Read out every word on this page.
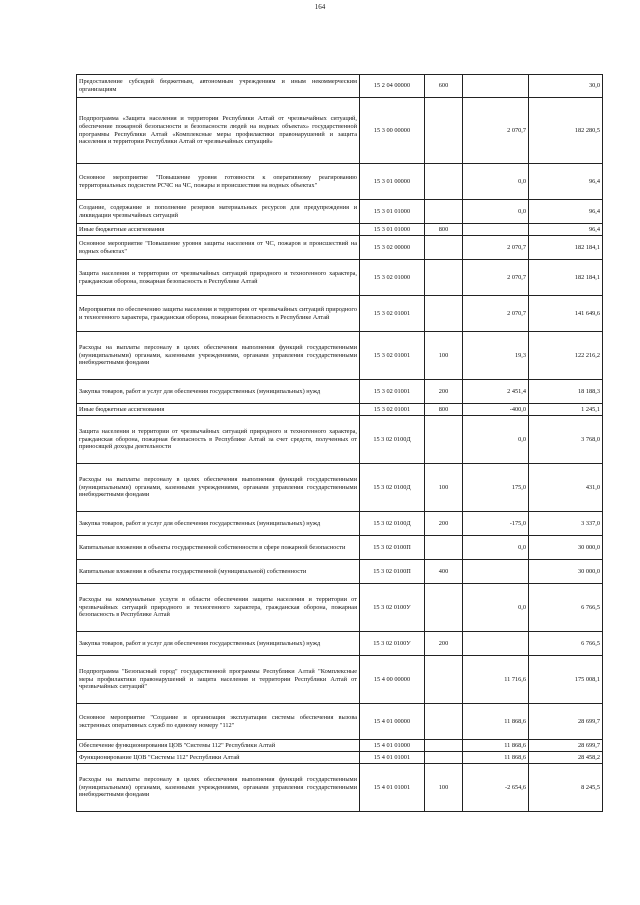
164
Предоставление субсидий бюджетным, автономным учреждениям и иным некоммерческим организациям	15 2 04 00000	600		30,0
Подпрограмма «Защита населения и территории Республики Алтай от чрезвычайных ситуаций, обеспечение пожарной безопасности и безопасности людей на водных объектах» государственной программы Республики Алтай «Комплексные меры профилактики правонарушений и защита населения и территории Республики Алтай от чрезвычайных ситуаций»	15 3 00 00000		2 070,7	182 280,5
Основное мероприятие "Повышение уровня готовности к оперативному реагированию территориальных подсистем РСЧС на ЧС, пожары и происшествия на водных объектах"	15 3 01 00000		0,0	96,4
Создание, содержание и пополнение резервов материальных ресурсов для предупреждения и ликвидации чрезвычайных ситуаций	15 3 01 01000		0,0	96,4
Иные бюджетные ассигнования	15 3 01 01000	800		96,4
Основное мероприятие "Повышение уровня защиты населения от ЧС, пожаров и происшествий на водных объектах"	15 3 02 00000		2 070,7	182 184,1
Защита населения и территории от чрезвычайных ситуаций природного и техногенного характера, гражданская оборона, пожарная безопасность в Республике Алтай	15 3 02 01000		2 070,7	182 184,1
Мероприятия по обеспечению защиты населения и территории от чрезвычайных ситуаций природного и техногенного характера, гражданская оборона, пожарная безопасность в Республике Алтай	15 3 02 01001		2 070,7	141 649,6
Расходы на выплаты персоналу в целях обеспечения выполнения функций государственными (муниципальными) органами, казенными учреждениями, органами управления государственными внебюджетными фондами	15 3 02 01001	100	19,3	122 216,2
Закупка товаров, работ и услуг для обеспечения государственных (муниципальных) нужд	15 3 02 01001	200	2 451,4	18 188,3
Иные бюджетные ассигнования	15 3 02 01001	800	-400,0	1 245,1
Защита населения и территории от чрезвычайных ситуаций природного и техногенного характера, гражданская оборона, пожарная безопасность в Республике Алтай за счет средств, полученных от приносящей доходы деятельности	15 3 02 0100Д		0,0	3 768,0
Расходы на выплаты персоналу в целях обеспечения выполнения функций государственными (муниципальными) органами, казенными учреждениями, органами управления государственными внебюджетными фондами	15 3 02 0100Д	100	175,0	431,0
Закупка товаров, работ и услуг для обеспечения государственных (муниципальных) нужд	15 3 02 0100Д	200	-175,0	3 337,0
Капитальные вложения в объекты государственной собственности в сфере пожарной безопасности	15 3 02 0100П		0,0	30 000,0
Капитальные вложения в объекты государственной (муниципальной) собственности	15 3 02 0100П	400		30 000,0
Расходы на коммунальные услуги в области обеспечения защиты населения и территории от чрезвычайных ситуаций природного и техногенного характера, гражданская оборона, пожарная безопасность в Республике Алтай	15 3 02 0100У		0,0	6 766,5
Закупка товаров, работ и услуг для обеспечения государственных (муниципальных) нужд	15 3 02 0100У	200		6 766,5
Подпрограмма "Безопасный город" государственной программы Республики Алтай "Комплексные меры профилактики правонарушений и защита населения и территории Республики Алтай от чрезвычайных ситуаций"	15 4 00 00000		11 716,6	175 008,1
Основное мероприятие "Создание и организация эксплуатации системы обеспечения вызова экстренных оперативных служб по единому номеру "112"	15 4 01 00000		11 868,6	28 699,7
Обеспечение функционирования ЦОВ "Системы 112" Республики Алтай	15 4 01 01000		11 868,6	28 699,7
Функционирование ЦОВ "Системы 112" Республики Алтай	15 4 01 01001		11 868,6	28 458,2
Расходы на выплаты персоналу в целях обеспечения выполнения функций государственными (муниципальными) органами, казенными учреждениями, органами управления государственными внебюджетными фондами	15 4 01 01001	100	-2 654,6	8 245,5
